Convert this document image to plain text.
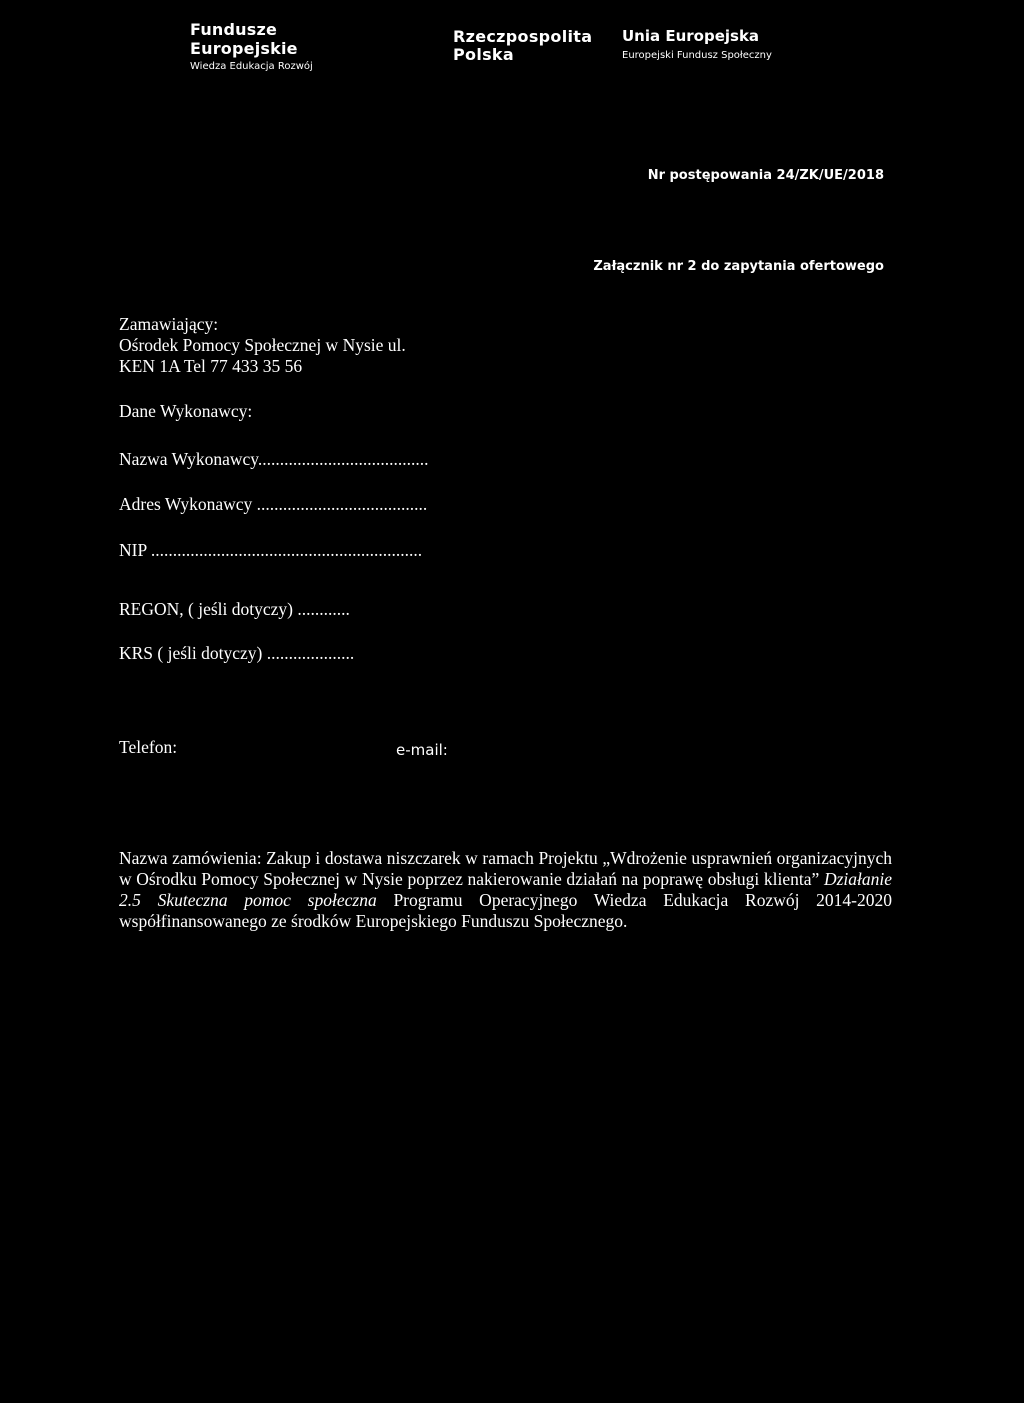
Fundusze
Europejskie
Wiedza Edukacja Rozwój
Rzeczpospolita
Polska
Unia Europejska
Europejski Fundusz Społeczny
Nr postępowania 24/ZK/UE/2018
Załącznik nr 2 do zapytania ofertowego
Zamawiający:
Ośrodek Pomocy Społecznej w Nysie ul.
KEN 1A Tel 77 433 35 56
Dane Wykonawcy:
Nazwa Wykonawcy.......................................
Adres Wykonawcy .......................................
NIP ..............................................................
REGON, ( jeśli dotyczy) ............
KRS ( jeśli dotyczy) ....................
Telefon:	e-mail:
Nazwa zamówienia: Zakup i dostawa niszczarek w ramach Projektu „Wdrożenie usprawnień organizacyjnych w Ośrodku Pomocy Społecznej w Nysie poprzez nakierowanie działań na poprawę obsługi klienta” Działanie 2.5 Skuteczna pomoc społeczna Programu Operacyjnego Wiedza Edukacja Rozwój 2014-2020 współfinansowanego ze środków Europejskiego Funduszu Społecznego.
